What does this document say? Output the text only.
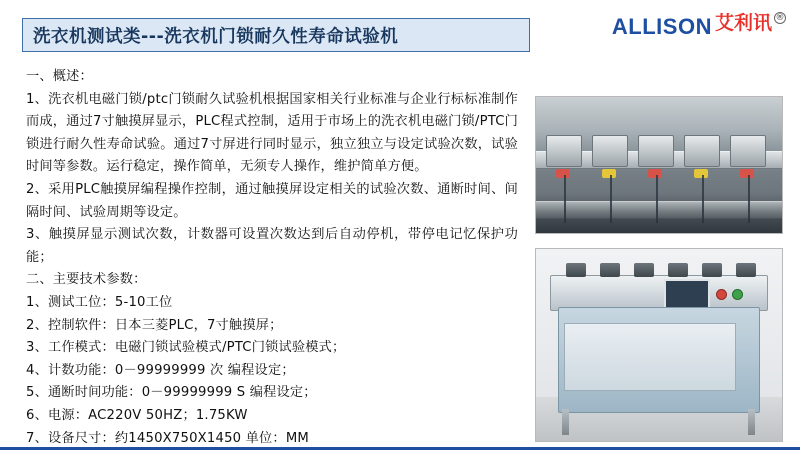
洗衣机测试类---洗衣机门锁耐久性寿命试验机	ALLISON 艾利讯 ®

一、概述：

1、洗衣机电磁门锁/ptc门锁耐久试验机根据国家相关行业标准与企业行标标准制作而成，通过7寸触摸屏显示，PLC程式控制，适用于市场上的洗衣机电磁门锁/PTC门锁进行耐久性寿命试验。通过7寸屏进行同时显示，独立独立与设定试验次数，试验时间等参数。运行稳定，操作简单，无须专人操作，维护简单方便。

2、采用PLC触摸屏编程操作控制，通过触摸屏设定相关的试验次数、通断时间、间隔时间、试验周期等设定。

3、触摸屏显示测试次数，计数器可设置次数达到后自动停机，带停电记忆保护功能；

二、主要技术参数：

1、测试工位：5-10工位

2、控制软件：日本三菱PLC，7寸触摸屏；

3、工作模式：电磁门锁试验模式/PTC门锁试验模式；

4、计数功能：0－99999999 次 编程设定；

5、通断时间功能：0－99999999 S 编程设定；

6、电源：AC220V 50HZ；1.75KW

7、设备尺寸：约1450X750X1450 单位：MM
